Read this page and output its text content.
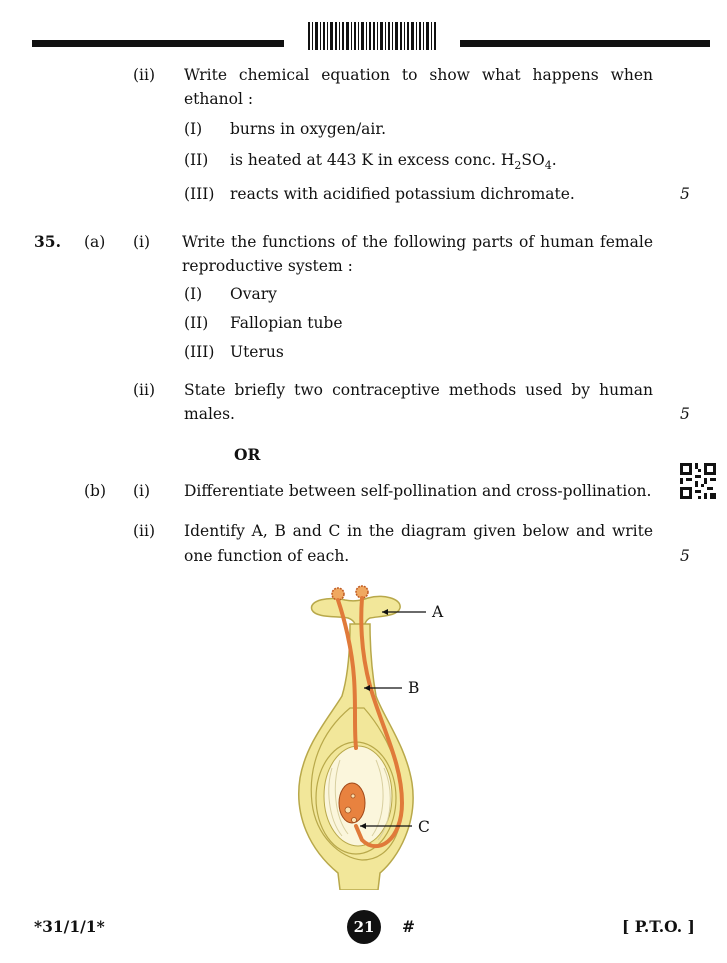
(ii) Write chemical equation to show what happens when
ethanol :
(I) burns in oxygen/air.
(II) is heated at 443 K in excess conc. $H_2SO_4$.
(III) reacts with acidified potassium dichromate.	5
35. (a) (i) Write the functions of the following parts of human female
reproductive system :
(I) Ovary
(II) Fallopian tube
(III) Uterus
(ii) State briefly two contraceptive methods used by human
males.	5
OR
(b) (i) Differentiate between self-pollination and cross-pollination.
(ii) Identify A, B and C in the diagram given below and write
one function of each.	5
A
B
C
*31/1/1*	21	#	[ P.T.O. ]
